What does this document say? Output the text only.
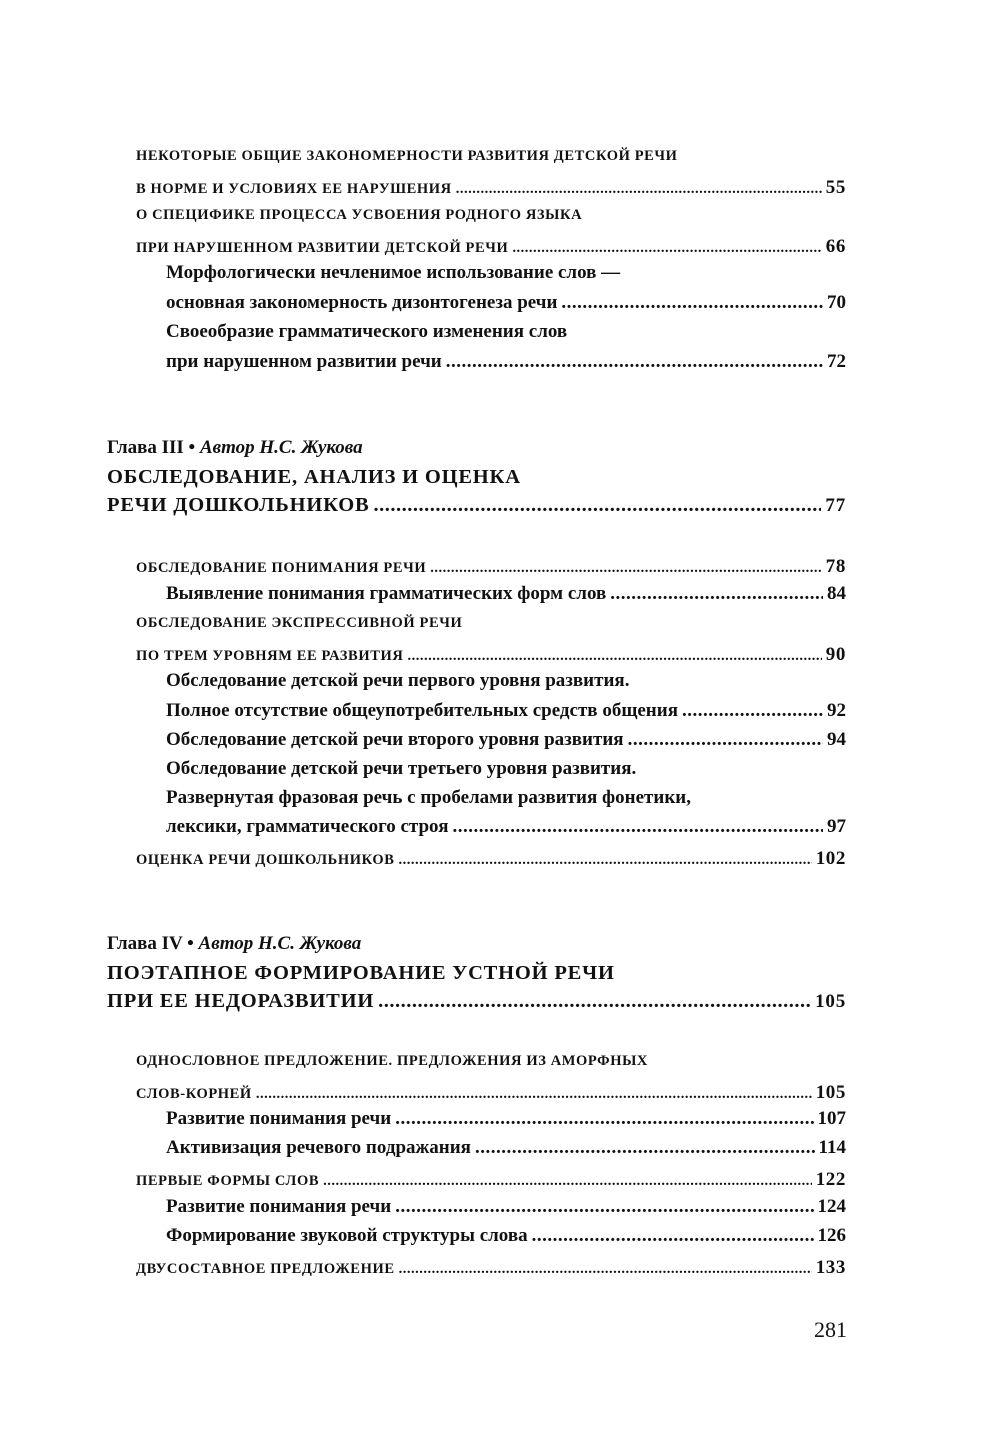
НЕКОТОРЫЕ ОБЩИЕ ЗАКОНОМЕРНОСТИ РАЗВИТИЯ ДЕТСКОЙ РЕЧИ
В НОРМЕ И УСЛОВИЯХ ЕЕ НАРУШЕНИЯ .....	55
О СПЕЦИФИКЕ ПРОЦЕССА УСВОЕНИЯ РОДНОГО ЯЗЫКА
ПРИ НАРУШЕННОМ РАЗВИТИИ ДЕТСКОЙ РЕЧИ .....	66
Морфологически нечленимое использование слов —
основная закономерность дизонтогенеза речи .....	70
Своеобразие грамматического изменения слов
при нарушенном развитии речи .....	72
Глава III • Автор Н.С. Жукова
ОБСЛЕДОВАНИЕ, АНАЛИЗ И ОЦЕНКА
РЕЧИ ДОШКОЛЬНИКОВ .....	77
ОБСЛЕДОВАНИЕ ПОНИМАНИЯ РЕЧИ .....	78
Выявление понимания грамматических форм слов .....	84
ОБСЛЕДОВАНИЕ ЭКСПРЕССИВНОЙ РЕЧИ
ПО ТРЕМ УРОВНЯМ ЕЕ РАЗВИТИЯ .....	90
Обследование детской речи первого уровня развития.
Полное отсутствие общеупотребительных средств общения .....	92
Обследование детской речи второго уровня развития .....	94
Обследование детской речи третьего уровня развития.
Развернутая фразовая речь с пробелами развития фонетики,
лексики, грамматического строя .....	97
ОЦЕНКА РЕЧИ ДОШКОЛЬНИКОВ .....	102
Глава IV • Автор Н.С. Жукова
ПОЭТАПНОЕ ФОРМИРОВАНИЕ УСТНОЙ РЕЧИ
ПРИ ЕЕ НЕДОРАЗВИТИИ .....	105
ОДНОСЛОВНОЕ ПРЕДЛОЖЕНИЕ. ПРЕДЛОЖЕНИЯ ИЗ АМОРФНЫХ
СЛОВ-КОРНЕЙ .....	105
Развитие понимания речи .....	107
Активизация речевого подражания .....	114
ПЕРВЫЕ ФОРМЫ СЛОВ .....	122
Развитие понимания речи .....	124
Формирование звуковой структуры слова .....	126
ДВУСОСТАВНОЕ ПРЕДЛОЖЕНИЕ .....	133
281
